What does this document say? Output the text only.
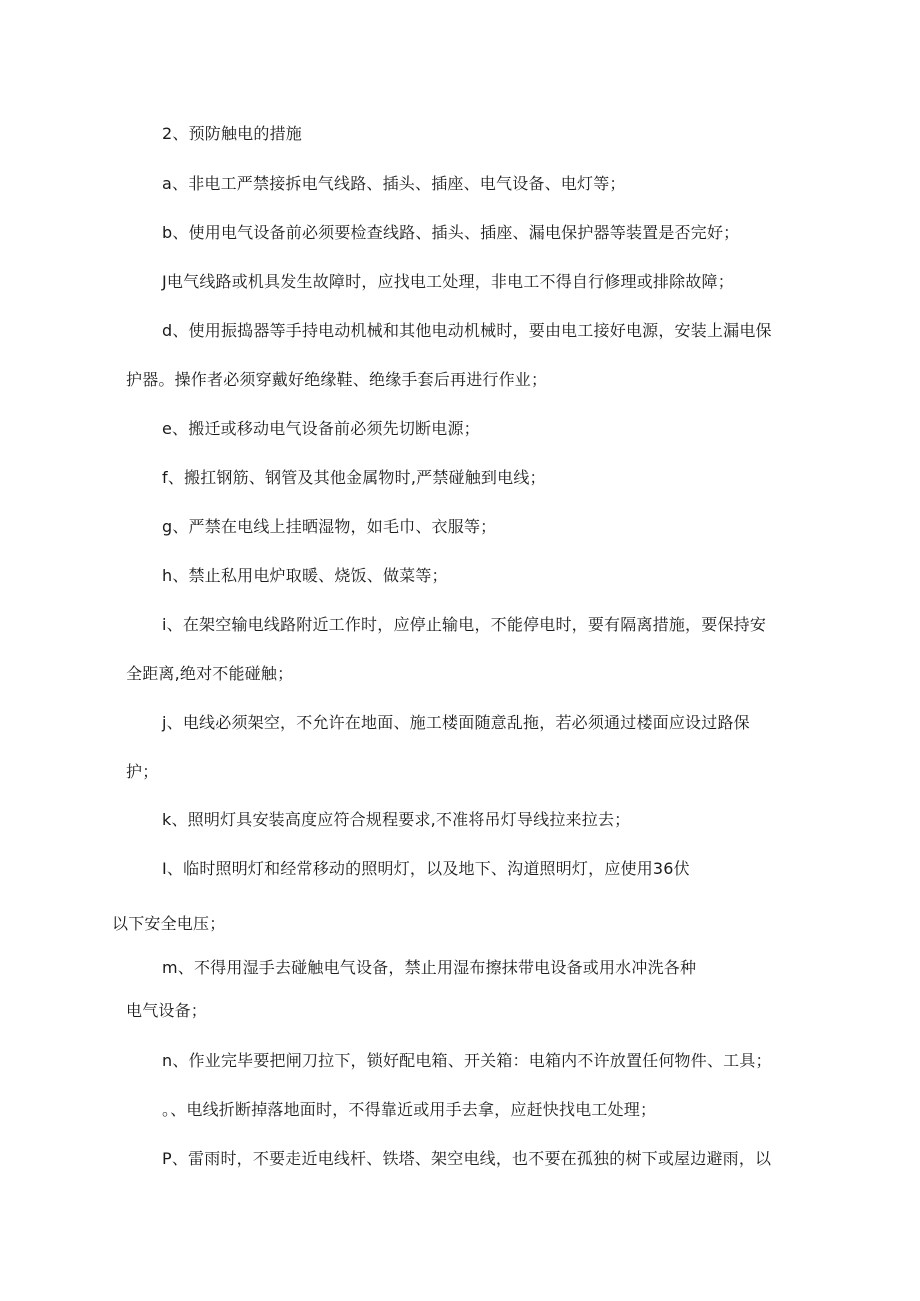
2、预防触电的措施
a、非电工严禁接拆电气线路、插头、插座、电气设备、电灯等；
b、使用电气设备前必须要检查线路、插头、插座、漏电保护器等装置是否完好；
J电气线路或机具发生故障时，应找电工处理，非电工不得自行修理或排除故障；
d、使用振捣器等手持电动机械和其他电动机械时，要由电工接好电源，安装上漏电保
护器。操作者必须穿戴好绝缘鞋、绝缘手套后再进行作业；
e、搬迁或移动电气设备前必须先切断电源；
f、搬扛钢筋、钢管及其他金属物时,严禁碰触到电线；
g、严禁在电线上挂晒湿物，如毛巾、衣服等；
h、禁止私用电炉取暖、烧饭、做菜等；
i、在架空输电线路附近工作时，应停止输电，不能停电时，要有隔离措施，要保持安
全距离,绝对不能碰触；
j、电线必须架空，不允许在地面、施工楼面随意乱拖，若必须通过楼面应设过路保
护；
k、照明灯具安装高度应符合规程要求,不准将吊灯导线拉来拉去；
I、临时照明灯和经常移动的照明灯，以及地下、沟道照明灯，应使用36伏
以下安全电压；
m、不得用湿手去碰触电气设备，禁止用湿布擦抹带电设备或用水冲洗各种
电气设备；
n、作业完毕要把闸刀拉下，锁好配电箱、开关箱：电箱内不许放置任何物件、工具；
。、电线折断掉落地面时，不得靠近或用手去拿，应赶快找电工处理；
P、雷雨时，不要走近电线杆、铁塔、架空电线，也不要在孤独的树下或屋边避雨，以
